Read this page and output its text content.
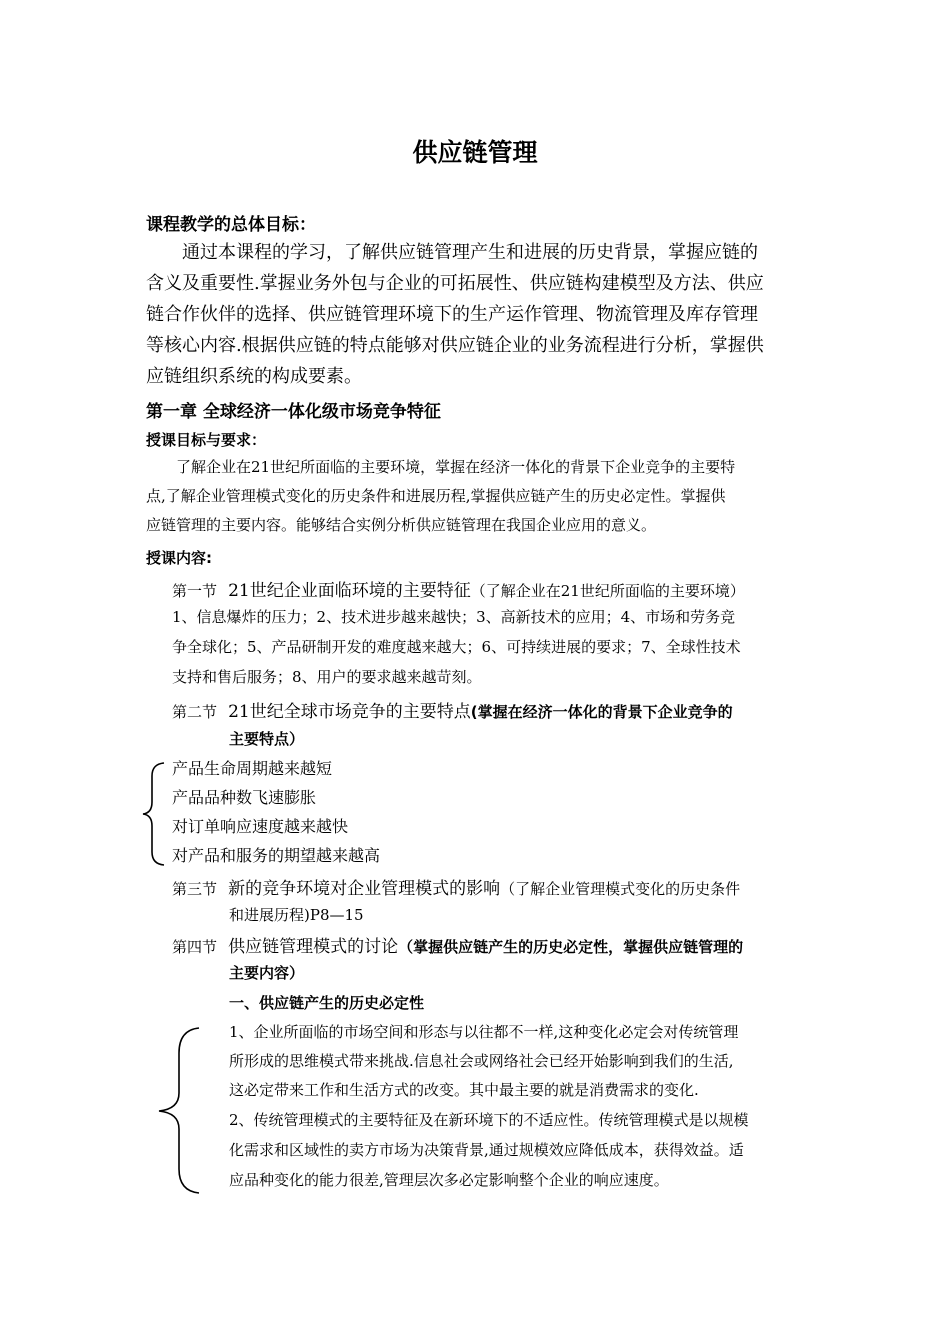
供应链管理
课程教学的总体目标：
通过本课程的学习，了解供应链管理产生和进展的历史背景，掌握应链的
含义及重要性.掌握业务外包与企业的可拓展性、供应链构建模型及方法、供应
链合作伙伴的选择、供应链管理环境下的生产运作管理、物流管理及库存管理
等核心内容.根据供应链的特点能够对供应链企业的业务流程进行分析，掌握供
应链组织系统的构成要素。
第一章 全球经济一体化级市场竞争特征
授课目标与要求：
了解企业在21世纪所面临的主要环境，掌握在经济一体化的背景下企业竞争的主要特
点,了解企业管理模式变化的历史条件和进展历程,掌握供应链产生的历史必定性。掌握供
应链管理的主要内容。能够结合实例分析供应链管理在我国企业应用的意义。
授课内容:
第一节 21世纪企业面临环境的主要特征（了解企业在21世纪所面临的主要环境）
1、信息爆炸的压力；2、技术进步越来越快；3、高新技术的应用；4、市场和劳务竞
争全球化；5、产品研制开发的难度越来越大；6、可持续进展的要求；7、全球性技术
支持和售后服务；8、用户的要求越来越苛刻。
第二节 21世纪全球市场竞争的主要特点(掌握在经济一体化的背景下企业竞争的
主要特点）
产品生命周期越来越短
产品品种数飞速膨胀
对订单响应速度越来越快
对产品和服务的期望越来越高
第三节 新的竞争环境对企业管理模式的影响（了解企业管理模式变化的历史条件
和进展历程)P8—15
第四节 供应链管理模式的讨论（掌握供应链产生的历史必定性，掌握供应链管理的
主要内容）
一、供应链产生的历史必定性
1、企业所面临的市场空间和形态与以往都不一样,这种变化必定会对传统管理
所形成的思维模式带来挑战.信息社会或网络社会已经开始影响到我们的生活,
这必定带来工作和生活方式的改变。其中最主要的就是消费需求的变化.
2、传统管理模式的主要特征及在新环境下的不适应性。传统管理模式是以规模
化需求和区域性的卖方市场为决策背景,通过规模效应降低成本，获得效益。适
应品种变化的能力很差,管理层次多必定影响整个企业的响应速度。
